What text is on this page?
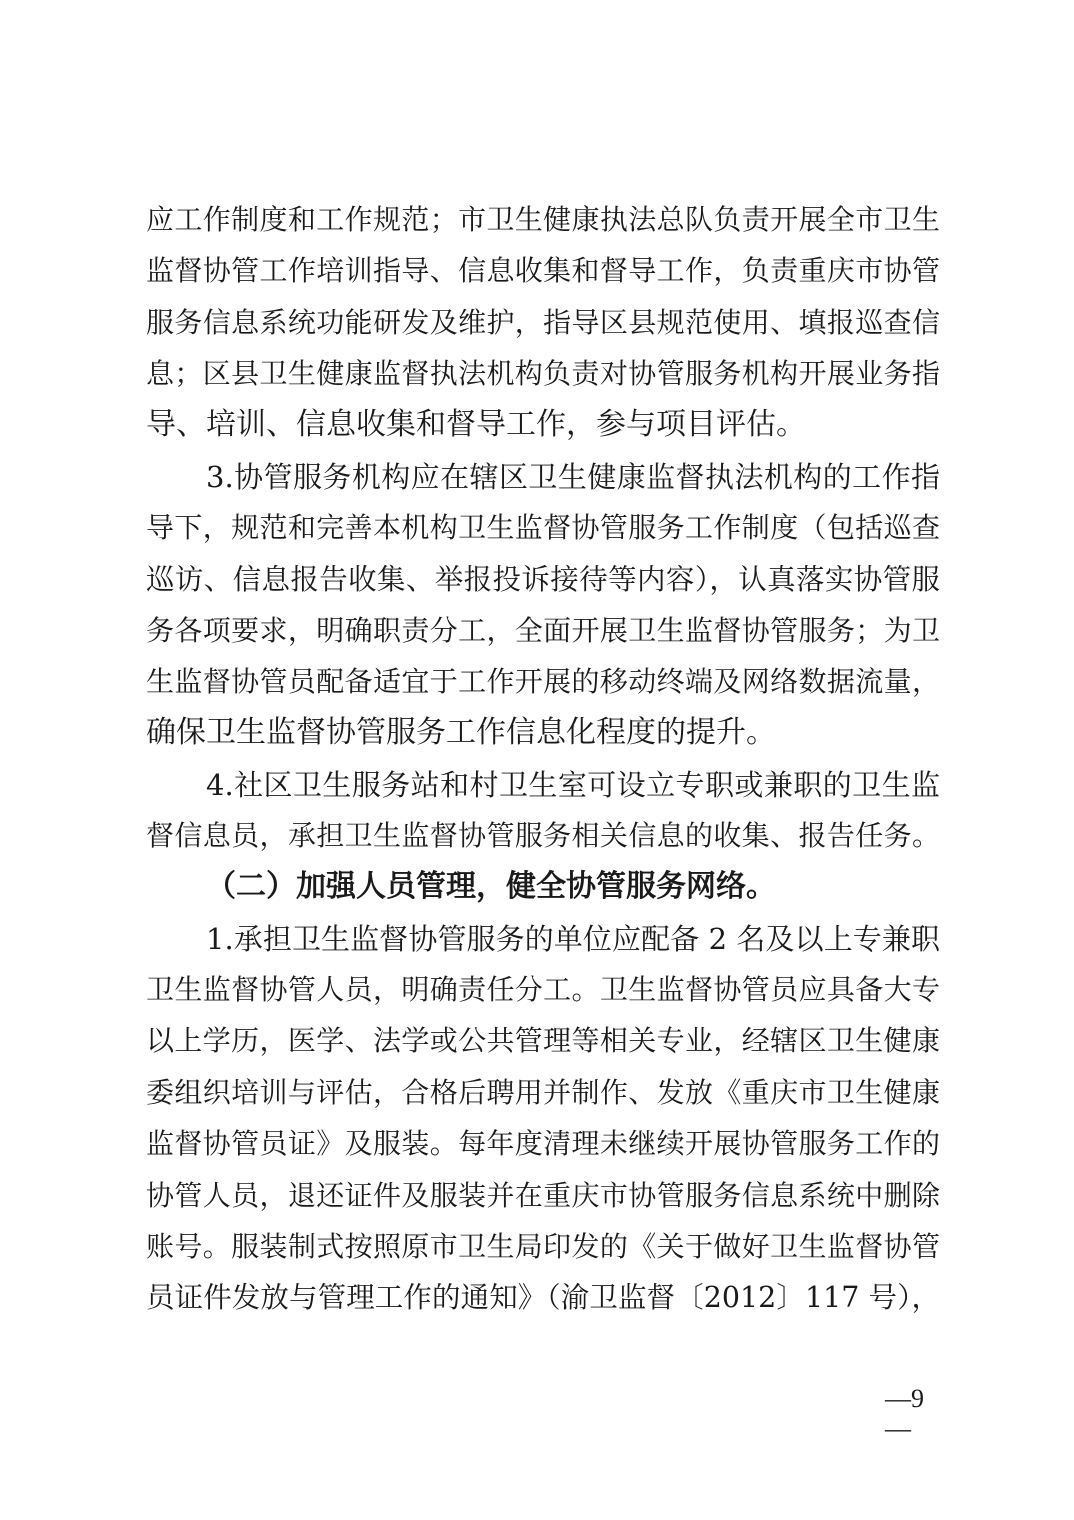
应工作制度和工作规范；市卫生健康执法总队负责开展全市卫生
监督协管工作培训指导、信息收集和督导工作，负责重庆市协管
服务信息系统功能研发及维护，指导区县规范使用、填报巡查信
息；区县卫生健康监督执法机构负责对协管服务机构开展业务指
导、培训、信息收集和督导工作，参与项目评估。
3.协管服务机构应在辖区卫生健康监督执法机构的工作指
导下，规范和完善本机构卫生监督协管服务工作制度（包括巡查
巡访、信息报告收集、举报投诉接待等内容），认真落实协管服
务各项要求，明确职责分工，全面开展卫生监督协管服务；为卫
生监督协管员配备适宜于工作开展的移动终端及网络数据流量，
确保卫生监督协管服务工作信息化程度的提升。
4.社区卫生服务站和村卫生室可设立专职或兼职的卫生监
督信息员，承担卫生监督协管服务相关信息的收集、报告任务。
（二）加强人员管理，健全协管服务网络。
1.承担卫生监督协管服务的单位应配备 2 名及以上专兼职
卫生监督协管人员，明确责任分工。卫生监督协管员应具备大专
以上学历，医学、法学或公共管理等相关专业，经辖区卫生健康
委组织培训与评估，合格后聘用并制作、发放《重庆市卫生健康
监督协管员证》及服装。每年度清理未继续开展协管服务工作的
协管人员，退还证件及服装并在重庆市协管服务信息系统中删除
账号。服装制式按照原市卫生局印发的《关于做好卫生监督协管
员证件发放与管理工作的通知》（渝卫监督〔2012〕117 号），
—9—
